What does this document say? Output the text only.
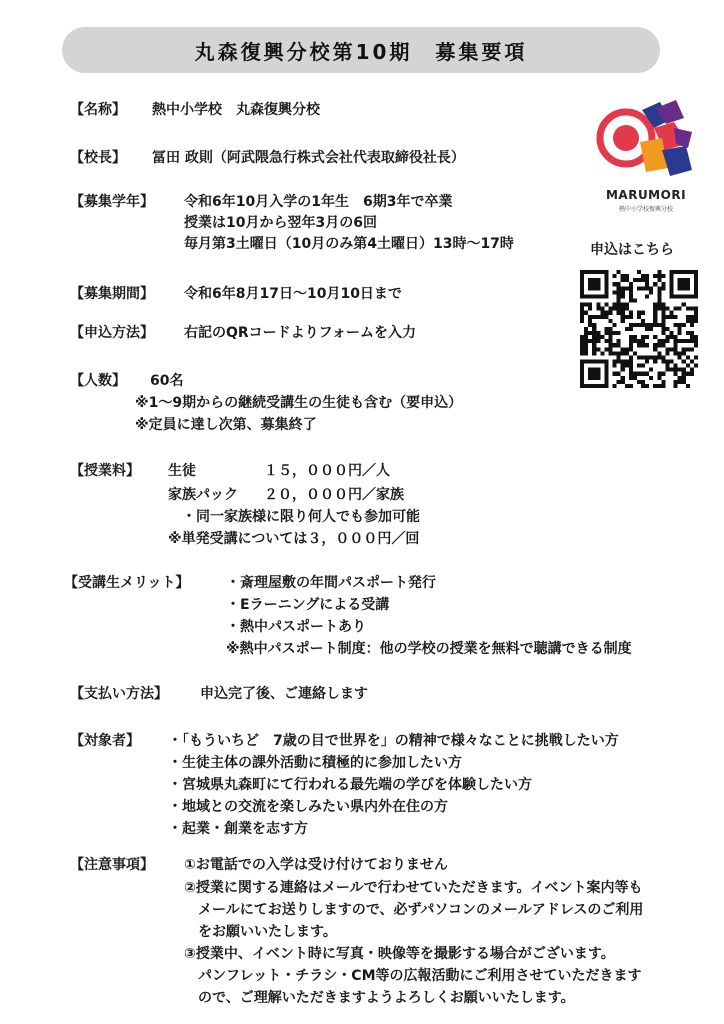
丸森復興分校第10期　募集要項
【名称】 熱中小学校　丸森復興分校
【校長】 冨田 政則（阿武隈急行株式会社代表取締役社長）
【募集学年】 令和6年10月入学の1年生　6期3年で卒業
授業は10月から翌年3月の6回
毎月第3土曜日（10月のみ第4土曜日）13時～17時
【募集期間】 令和6年8月17日～10月10日まで
【申込方法】 右記のQRコードよりフォームを入力
【人数】 60名
※1～9期からの継続受講生の生徒も含む（要申込）
※定員に達し次第、募集終了
【授業料】 生徒	１５，０００円／人
家族パック ２０，０００円／家族
・同一家族様に限り何人でも参加可能
※単発受講については３，０００円／回
【受講生メリット】	・斎理屋敷の年間パスポート発行
・Eラーニングによる受講
・熱中パスポートあり
※熱中パスポート制度：他の学校の授業を無料で聴講できる制度
【支払い方法】 申込完了後、ご連絡します
【対象者】 ・「もういちど　7歳の目で世界を」の精神で様々なことに挑戦したい方
・生徒主体の課外活動に積極的に参加したい方
・宮城県丸森町にて行われる最先端の学びを体験したい方
・地域との交流を楽しみたい県内外在住の方
・起業・創業を志す方
【注意事項】 ①お電話での入学は受け付けておりません
②授業に関する連絡はメールで行わせていただきます。イベント案内等も
メールにてお送りしますので、必ずパソコンのメールアドレスのご利用
をお願いいたします。
③授業中、イベント時に写真・映像等を撮影する場合がございます。
パンフレット・チラシ・CM等の広報活動にご利用させていただきます
ので、ご理解いただきますようよろしくお願いいたします。
MARUMORI
熱中小学校復興分校
申込はこちら
